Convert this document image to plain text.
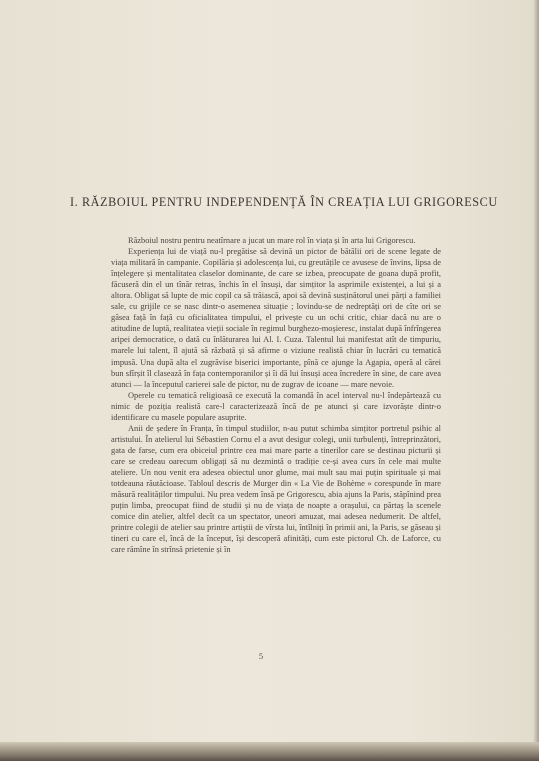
I. RĂZBOIUL PENTRU INDEPENDENȚĂ ÎN CREAȚIA LUI GRIGORESCU

Războiul nostru pentru neatîrnare a jucat un mare rol în viața și în arta lui Grigorescu.

Experiența lui de viață nu-l pregătise să devină un pictor de bătălii ori de scene legate de viața militară în campanie. Copilăria și adolescența lui, cu greutățile ce avusese de învins, lipsa de înțelegere și mentalitatea claselor dominante, de care se izbea, preocupate de goana după profit, făcuseră din el un tînăr retras, închis în el însuși, dar simțitor la asprimile existenței, a lui și a altora. Obligat să lupte de mic copil ca să trăiască, apoi să devină susținătorul unei părți a familiei sale, cu grijile ce se nasc dintr-o asemenea situație ; lovindu-se de nedreptăți ori de cîte ori se găsea față în față cu oficialitatea timpului, el privește cu un ochi critic, chiar dacă nu are o atitudine de luptă, realitatea vieții sociale în regimul burghezo-moșieresc, instalat după înfrîngerea aripei democratice, o dată cu înlăturarea lui Al. I. Cuza. Talentul lui manifestat atît de timpuriu, marele lui talent, îl ajută să răzbată și să afirme o viziune realistă chiar în lucrări cu tematică impusă. Una după alta el zugrăvise biserici importante, pînă ce ajunge la Agapia, operă al cărei bun sfîrșit îl clasează în fața contemporanilor și îi dă lui însuși acea încredere în sine, de care avea atunci — la începutul carierei sale de pictor, nu de zugrav de icoane — mare nevoie.

Operele cu tematică religioasă ce execută la comandă în acel interval nu-l îndepărtează cu nimic de poziția realistă care-l caracterizează încă de pe atunci și care izvorăște dintr-o identificare cu masele populare asuprite.

Anii de ședere în Franța, în timpul studiilor, n-au putut schimba simțitor portretul psihic al artistului. În atelierul lui Sébastien Cornu el a avut desigur colegi, unii turbulenți, întreprinzători, gata de farse, cum era obiceiul printre cea mai mare parte a tinerilor care se destinau picturii și care se credeau oarecum obligați să nu dezmintă o tradiție ce-și avea curs în cele mai multe ateliere. Un nou venit era adesea obiectul unor glume, mai mult sau mai puțin spirituale și mai totdeauna răutăcioase. Tabloul descris de Murger din « La Vie de Bohème » corespunde în mare măsură realităților timpului. Nu prea vedem însă pe Grigorescu, abia ajuns la Paris, stăpînind prea puțin limba, preocupat fiind de studii și nu de viața de noapte a orașului, ca părtaș la scenele comice din atelier, altfel decît ca un spectator, uneori amuzat, mai adesea nedumerit. De altfel, printre colegii de atelier sau printre artiștii de vîrsta lui, întîlniți în primii ani, la Paris, se găseau și tineri cu care el, încă de la început, își descoperă afinități, cum este pictorul Ch. de Laforce, cu care rămîne în strînsă prietenie și în

5
